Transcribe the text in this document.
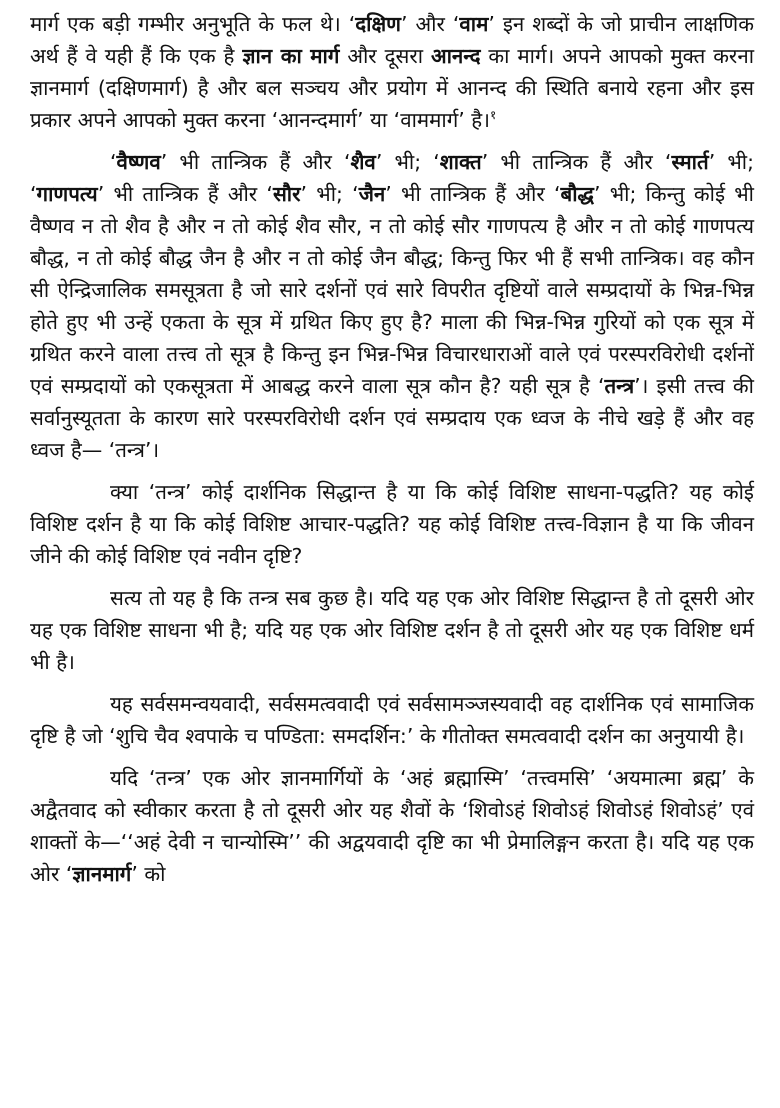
मार्ग एक बड़ी गम्भीर अनुभूति के फल थे। ‘दक्षिण’ और ‘वाम’ इन शब्दों के जो प्राचीन लाक्षणिक अर्थ हैं वे यही हैं कि एक है ज्ञान का मार्ग और दूसरा आनन्द का मार्ग। अपने आपको मुक्त करना ज्ञानमार्ग (दक्षिणमार्ग) है और बल सञ्चय और प्रयोग में आनन्द की स्थिति बनाये रहना और इस प्रकार अपने आपको मुक्त करना ‘आनन्दमार्ग’ या ‘वाममार्ग’ है।$^१$

‘वैष्णव’ भी तान्त्रिक हैं और ‘शैव’ भी; ‘शाक्त’ भी तान्त्रिक हैं और ‘स्मार्त’ भी; ‘गाणपत्य’ भी तान्त्रिक हैं और ‘सौर’ भी; ‘जैन’ भी तान्त्रिक हैं और ‘बौद्ध’ भी; किन्तु कोई भी वैष्णव न तो शैव है और न तो कोई शैव सौर, न तो कोई सौर गाणपत्य है और न तो कोई गाणपत्य बौद्ध, न तो कोई बौद्ध जैन है और न तो कोई जैन बौद्ध; किन्तु फिर भी हैं सभी तान्त्रिक। वह कौन सी ऐन्द्रिजालिक समसूत्रता है जो सारे दर्शनों एवं सारे विपरीत दृष्टियों वाले सम्प्रदायों के भिन्न-भिन्न होते हुए भी उन्हें एकता के सूत्र में ग्रथित किए हुए है? माला की भिन्न-भिन्न गुरियों को एक सूत्र में ग्रथित करने वाला तत्त्व तो सूत्र है किन्तु इन भिन्न-भिन्न विचारधाराओं वाले एवं परस्परविरोधी दर्शनों एवं सम्प्रदायों को एकसूत्रता में आबद्ध करने वाला सूत्र कौन है? यही सूत्र है ‘तन्त्र’। इसी तत्त्व की सर्वानुस्यूतता के कारण सारे परस्परविरोधी दर्शन एवं सम्प्रदाय एक ध्वज के नीचे खड़े हैं और वह ध्वज है— ‘तन्त्र’।

क्या ‘तन्त्र’ कोई दार्शनिक सिद्धान्त है या कि कोई विशिष्ट साधना-पद्धति? यह कोई विशिष्ट दर्शन है या कि कोई विशिष्ट आचार-पद्धति? यह कोई विशिष्ट तत्त्व-विज्ञान है या कि जीवन जीने की कोई विशिष्ट एवं नवीन दृष्टि?

सत्य तो यह है कि तन्त्र सब कुछ है। यदि यह एक ओर विशिष्ट सिद्धान्त है तो दूसरी ओर यह एक विशिष्ट साधना भी है; यदि यह एक ओर विशिष्ट दर्शन है तो दूसरी ओर यह एक विशिष्ट धर्म भी है।

यह सर्वसमन्वयवादी, सर्वसमत्ववादी एवं सर्वसामञ्जस्यवादी वह दार्शनिक एवं सामाजिक दृष्टि है जो ‘शुचि चैव श्वपाके च पण्डिता: समदर्शिन:’ के गीतोक्त समत्ववादी दर्शन का अनुयायी है।

यदि ‘तन्त्र’ एक ओर ज्ञानमार्गियों के ‘अहं ब्रह्मास्मि’ ‘तत्त्वमसि’ ‘अयमात्मा ब्रह्म’ के अद्वैतवाद को स्वीकार करता है तो दूसरी ओर यह शैवों के ‘शिवोऽहं शिवोऽहं शिवोऽहं शिवोऽहं’ एवं शाक्तों के—‘‘अहं देवी न चान्योस्मि’’ की अद्वयवादी दृष्टि का भी प्रेमालिङ्गन करता है। यदि यह एक ओर ‘ज्ञानमार्ग’ को
